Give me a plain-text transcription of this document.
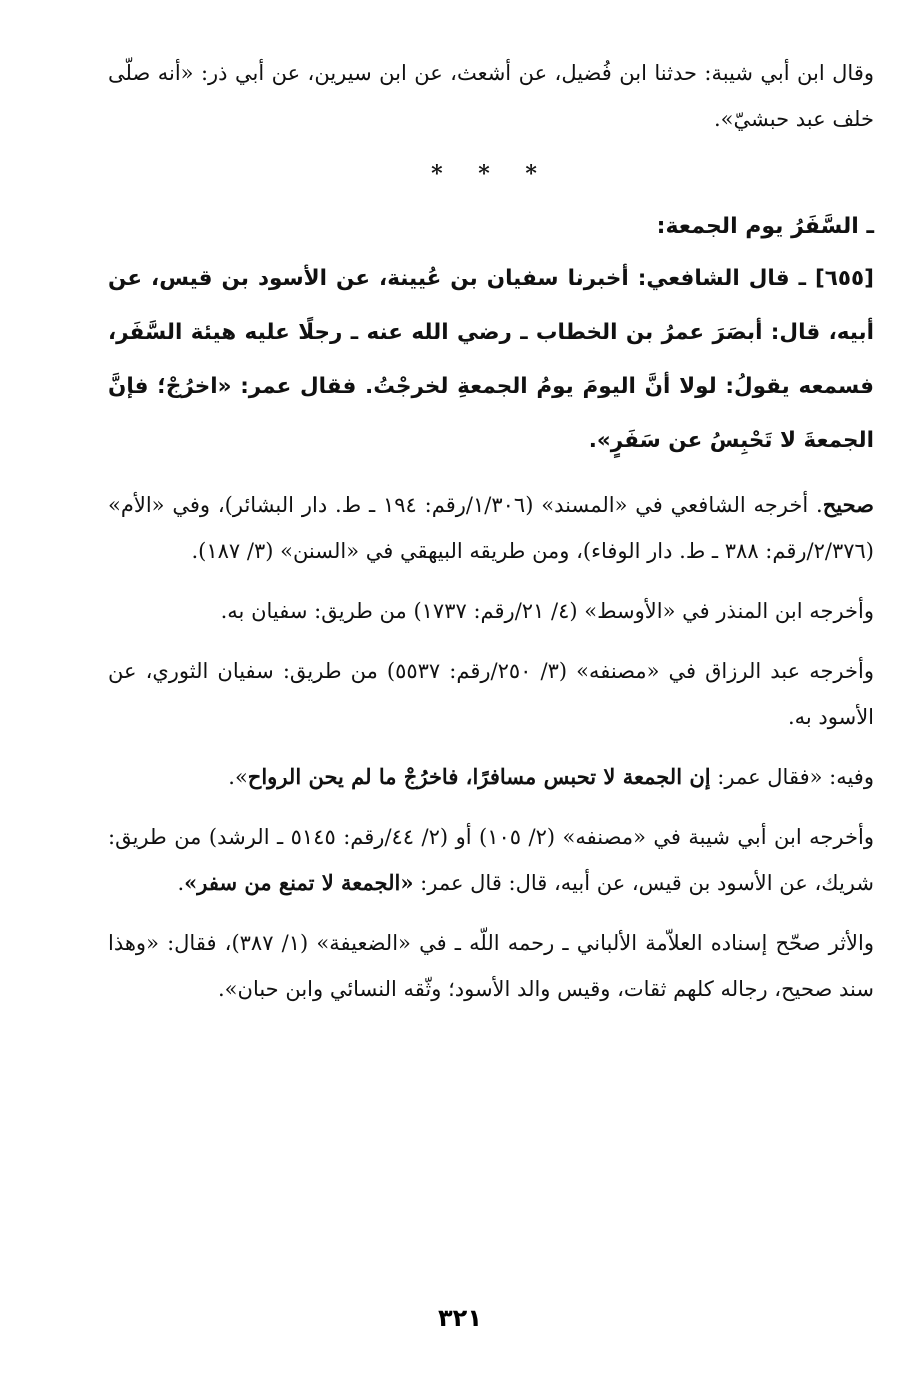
وقال ابن أبي شيبة: حدثنا ابن فُضيل، عن أشعث، عن ابن سيرين، عن أبي ذر: «أنه صلّى خلف عبد حبشيّ».

* * *
ـ السَّفَرُ يوم الجمعة:

[٦٥٥] ـ قال الشافعي: أخبرنا سفيان بن عُيينة، عن الأسود بن قيس، عن أبيه، قال: أبصَرَ عمرُ بن الخطاب ـ رضي الله عنه ـ رجلًا عليه هيئة السَّفَر، فسمعه يقولُ: لولا أنَّ اليومَ يومُ الجمعةِ لخرجْتُ. فقال عمر: «اخرُجْ؛ فإنَّ الجمعةَ لا تَحْبِسُ عن سَفَرٍ».

صحيح. أخرجه الشافعي في «المسند» (١/٣٠٦/رقم: ١٩٤ ـ ط. دار البشائر)، وفي «الأم» (٢/٣٧٦/رقم: ٣٨٨ ـ ط. دار الوفاء)، ومن طريقه البيهقي في «السنن» (٣/ ١٨٧).

وأخرجه ابن المنذر في «الأوسط» (٤/ ٢١/رقم: ١٧٣٧) من طريق: سفيان به.

وأخرجه عبد الرزاق في «مصنفه» (٣/ ٢٥٠/رقم: ٥٥٣٧) من طريق: سفيان الثوري، عن الأسود به.

وفيه: «فقال عمر: إن الجمعة لا تحبس مسافرًا، فاخرُجْ ما لم يحن الرواح».

وأخرجه ابن أبي شيبة في «مصنفه» (٢/ ١٠٥) أو (٢/ ٤٤/رقم: ٥١٤٥ ـ الرشد) من طريق: شريك، عن الأسود بن قيس، عن أبيه، قال: قال عمر: «الجمعة لا تمنع من سفر».

والأثر صحّح إسناده العلاّمة الألباني ـ رحمه اللّه ـ في «الضعيفة» (١/ ٣٨٧)، فقال: «وهذا سند صحيح، رجاله كلهم ثقات، وقيس والد الأسود؛ وثّقه النسائي وابن حبان».

٣٢١
